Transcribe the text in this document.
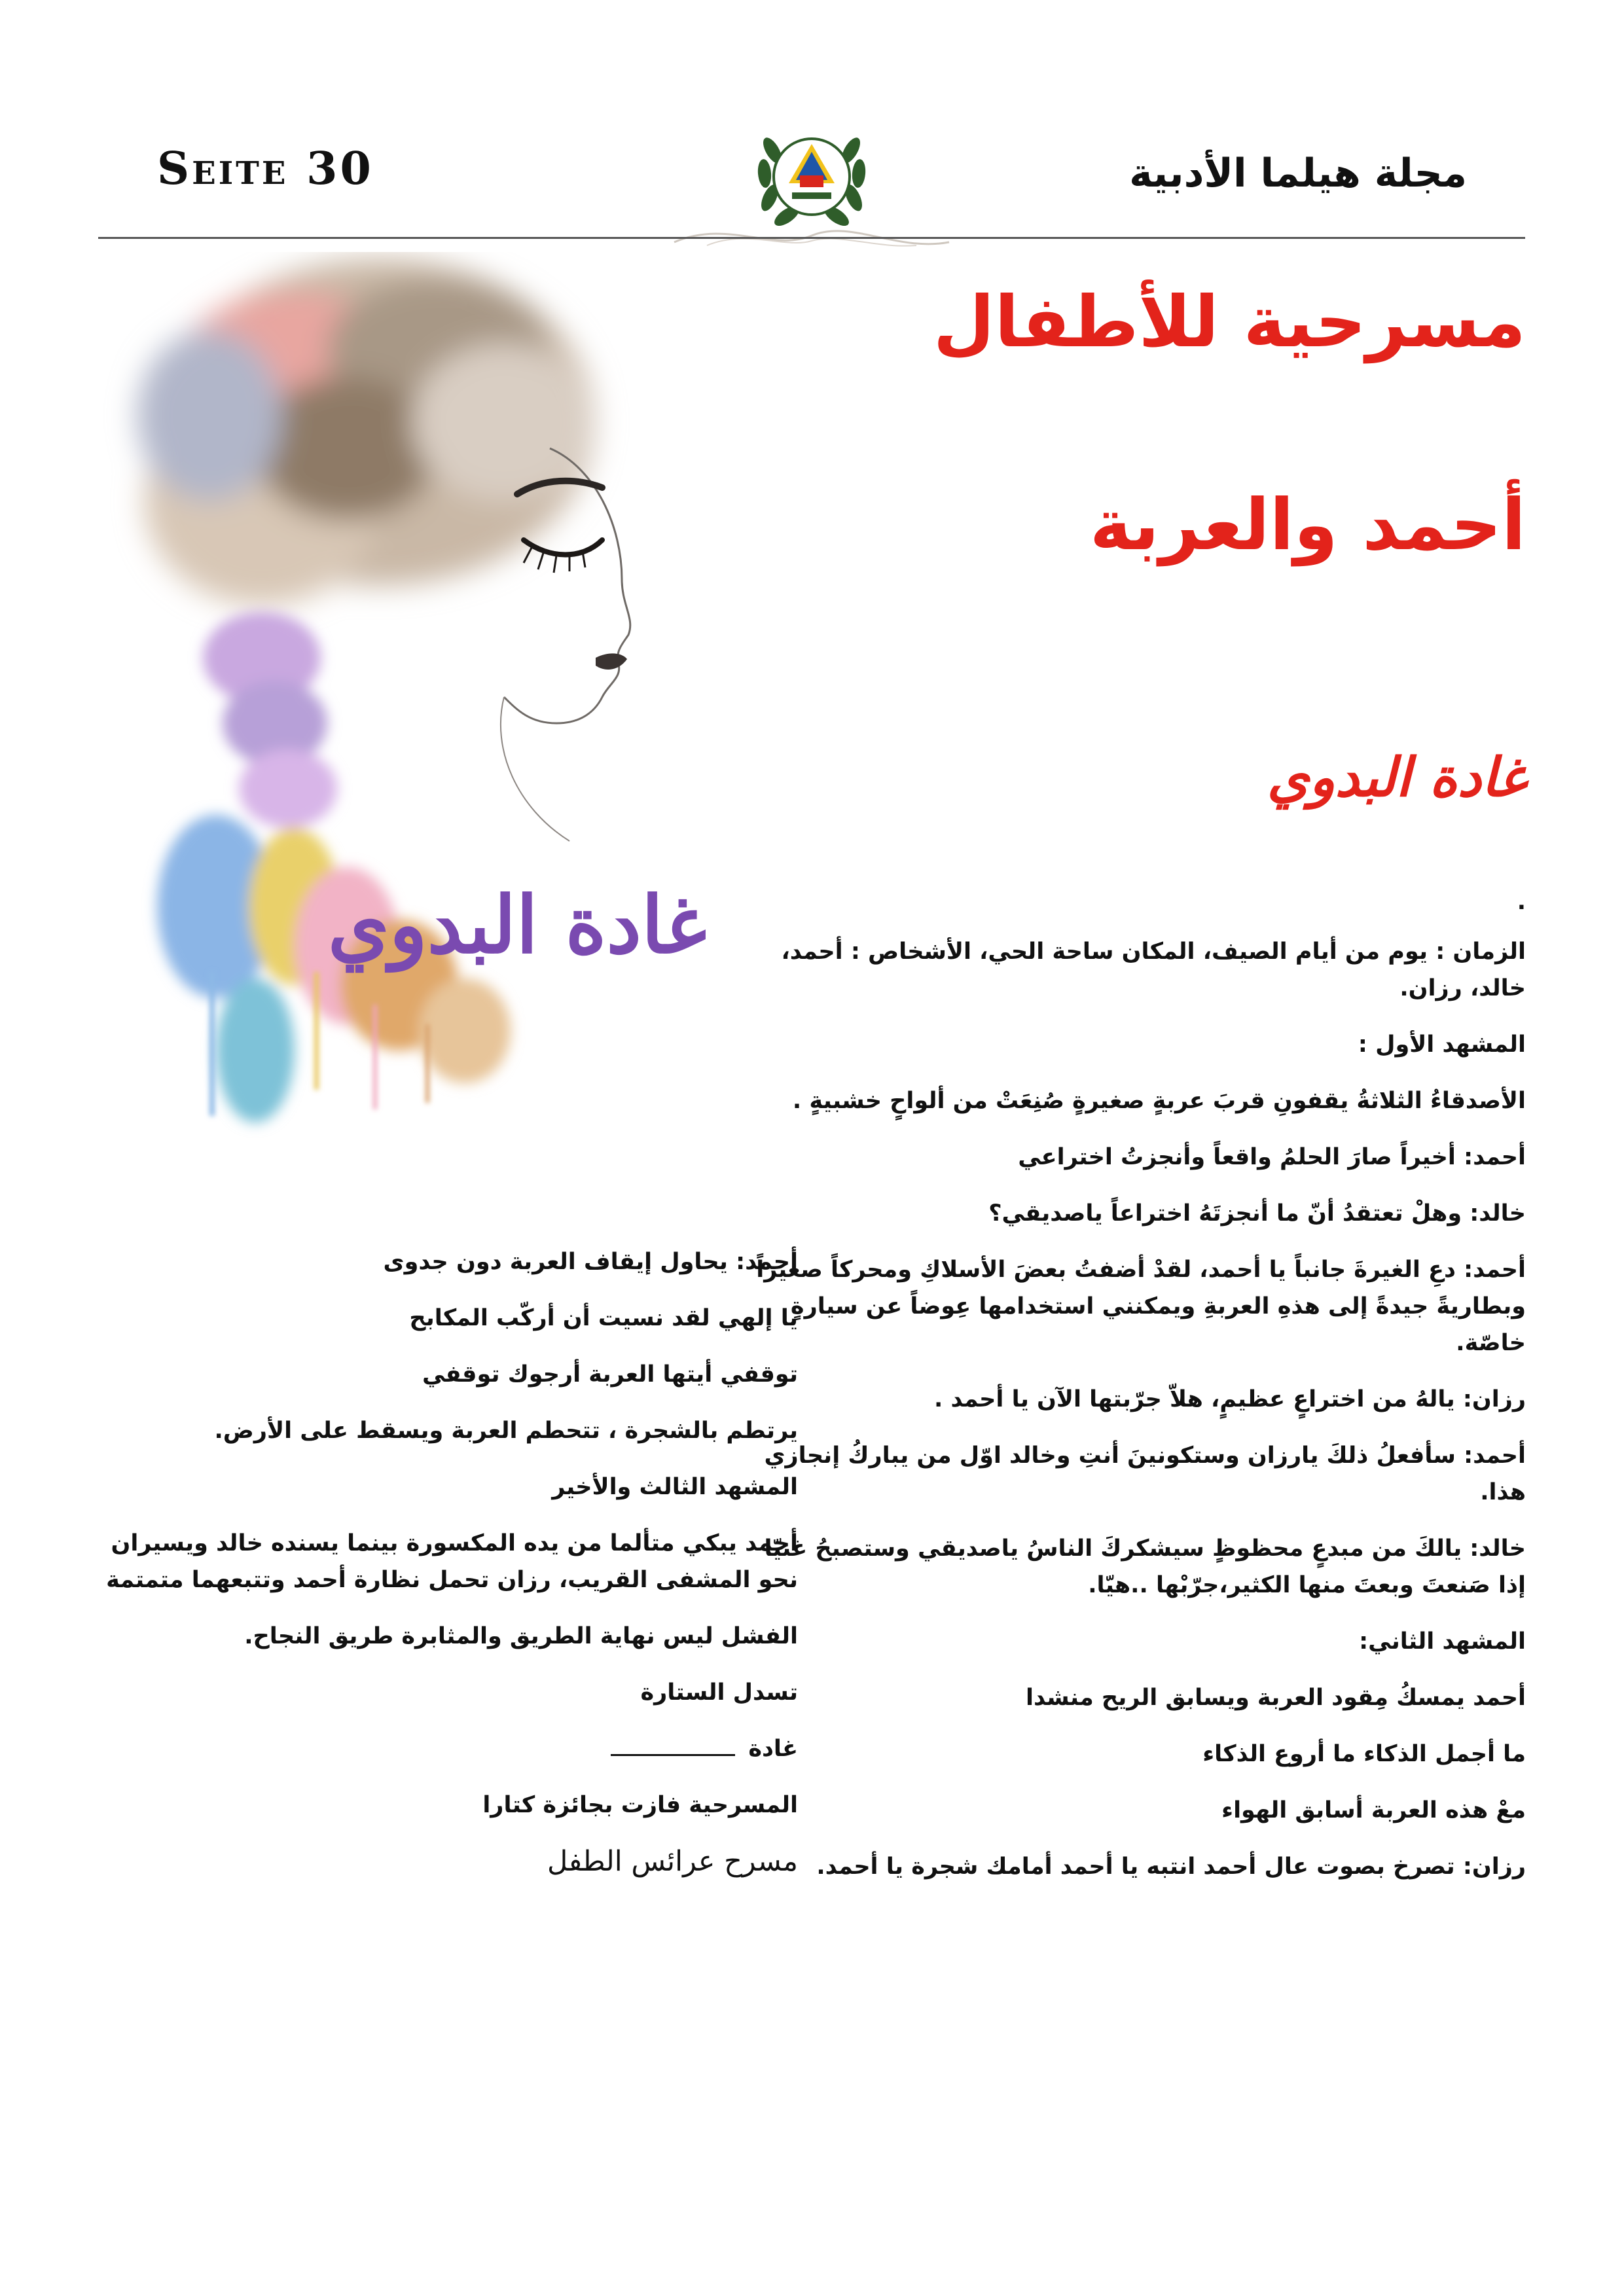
Seite 30	مجلة هيلما الأدبية
غادة البدوي
مسرحية للأطفال
أحمد والعربة
غادة البدوي

.

الزمان : يوم من أيام الصيف، المكان ساحة الحي، الأشخاص : أحمد، خالد، رزان.

المشهد الأول :

الأصدقاءُ الثلاثةُ يقفونِ قربَ عربةٍ صغيرةٍ صُنِعَتْ من ألواحٍ خشبيةٍ .

أحمد: أخيراً صارَ الحلمُ واقعاً وأنجزتُ اختراعي

خالد: وهلْ تعتقدُ أنّ ما أنجزتَهُ اختراعاً ياصديقي؟

أحمد: دعِ الغيرةَ جانباً يا أحمد، لقدْ أضفتُ بعضَ الأسلاكِ ومحركاً صغيراً وبطاريةً جيدةً إلى هذهِ العربةِ ويمكنني استخدامها عِوضاً عن سيارةٍ خاصّة.

رزان: يالهُ من اختراعٍ عظيمٍ، هلاّ جرّبتها الآن يا أحمد .

أحمد: سأفعلُ ذلكَ يارزان وستكونينَ أنتِ وخالد اوّل من يباركُ إنجازي هذا.

خالد: يالكَ من مبدعٍ محظوظٍ سيشكركَ الناسُ ياصديقي وستصبحُ غنيّا إذا صَنعتَ وبعتَ منها الكثير،جرّبْها ..هيّا.

المشهد الثاني:

أحمد يمسكُ مِقود العربة ويسابق الريح منشدا

ما أجمل الذكاء ما أروع الذكاء

معْ هذه العربة أسابق الهواء

رزان: تصرخ بصوت عال أحمد انتبه يا أحمد أمامك شجرة يا أحمد.

أحمد: يحاول إيقاف العربة دون جدوى

يا إلهي لقد نسيت أن أركّب المكابح

توقفي أيتها العربة أرجوك توقفي

يرتطم بالشجرة ، تتحطم العربة ويسقط على الأرض.

المشهد الثالث والأخير

أحمد يبكي متألما من يده المكسورة بينما يسنده خالد ويسيران نحو المشفى القريب، رزان تحمل نظارة أحمد وتتبعهما متمتمة

الفشل ليس نهاية الطريق والمثابرة طريق النجاح.

تسدل الستارة

غادة

المسرحية فازت بجائزة كتارا

مسرح عرائس الطفل
